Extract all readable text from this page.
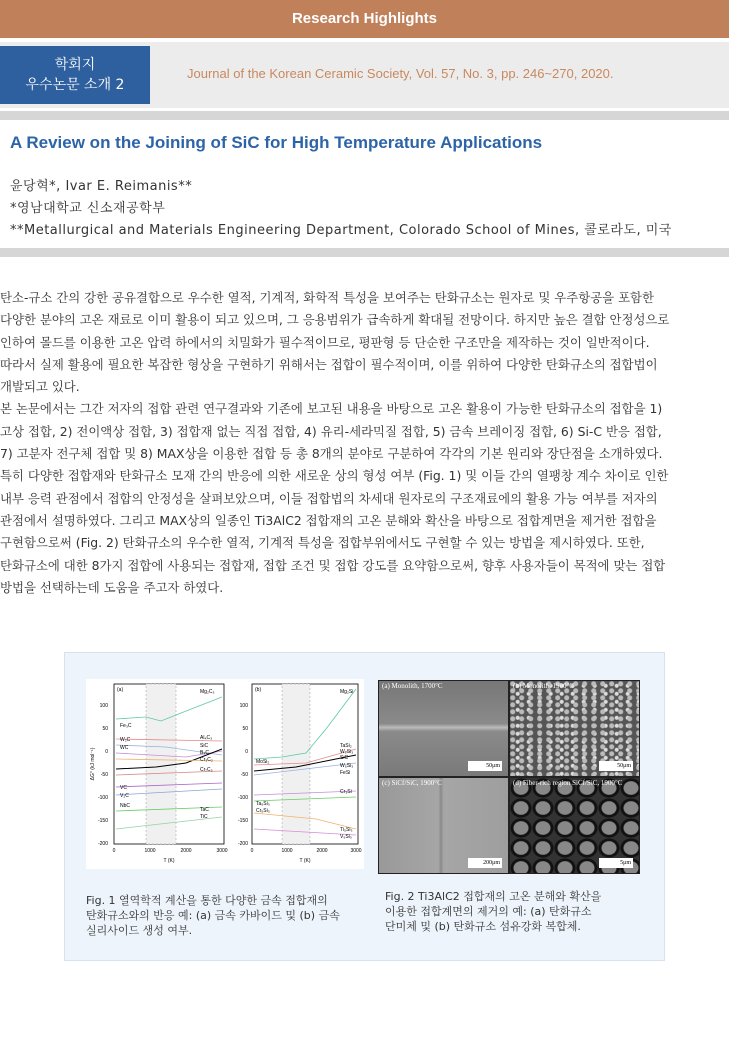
Research Highlights
학회지
우수논문 소개 2
Journal of the Korean Ceramic Society, Vol. 57, No. 3, pp. 246~270, 2020.
A Review on the Joining of SiC for High Temperature Applications
윤당혁*, Ivar E. Reimanis**
*영남대학교 신소재공학부
**Metallurgical and Materials Engineering Department, Colorado School of Mines, 콜로라도, 미국

탄소-규소 간의 강한 공유결합으로 우수한 열적, 기계적, 화학적 특성을 보여주는 탄화규소는 원자로 및 우주항공을 포함한

다양한 분야의 고온 재료로 이미 활용이 되고 있으며, 그 응용범위가 급속하게 확대될 전망이다. 하지만 높은 결합 안정성으로

인하여 몰드를 이용한 고온 압력 하에서의 치밀화가 필수적이므로, 평판형 등 단순한 구조만을 제작하는 것이 일반적이다.

따라서 실제 활용에 필요한 복잡한 형상을 구현하기 위해서는 접합이 필수적이며, 이를 위하여 다양한 탄화규소의 접합법이

개발되고 있다.

본 논문에서는 그간 저자의 접합 관련 연구결과와 기존에 보고된 내용을 바탕으로 고온 활용이 가능한 탄화규소의 접합을 1)

고상 접합, 2) 전이액상 접합, 3) 접합재 없는 직접 접합, 4) 유리-세라믹질 접합, 5) 금속 브레이징 접합, 6) Si-C 반응 접합,

7) 고분자 전구체 접합 및 8) MAX상을 이용한 접합 등 총 8개의 분야로 구분하여 각각의 기본 원리와 장단점을 소개하였다.

특히 다양한 접합재와 탄화규소 모재 간의 반응에 의한 새로운 상의 형성 여부 (Fig. 1) 및 이들 간의 열팽창 계수 차이로 인한

내부 응력 관점에서 접합의 안정성을 살펴보았으며, 이들 접합법의 차세대 원자로의 구조재료에의 활용 가능 여부를 저자의

관점에서 설명하였다. 그리고 MAX상의 일종인 Ti3AlC2 접합재의 고온 분해와 확산을 바탕으로 접합계면을 제거한 접합을

구현함으로써 (Fig. 2) 탄화규소의 우수한 열적, 기계적 특성을 접합부위에서도 구현할 수 있는 방법을 제시하였다. 또한,

탄화규소에 대한 8가지 접합에 사용되는 접합재, 접합 조건 및 접합 강도를 요약함으로써, 향후 사용자들이 목적에 맞는 접합

방법을 선택하는데 도움을 주고자 하였다.

(a)
100
50
0
-50
-100
-150
-200
0	1000	2000	3000
T (K)
ΔG° (kJ mol⁻¹)
Mg₂C₃
Fe₃C
W₂C
WC
Al₄C₃
SiC
B₄C
Cr₃C₂
Cr₇C₃
VC
V₂C
NbC
TaC
TiC
(b)
100
50
0
-50
-100
-150
-200
0	1000	2000	3000
T (K)
Mg₂Si
TaSi₂
W₅Si₃
SiC
MoSi₂
W₅Si₃
FeSi
Cr₃Si
Ta₅Si₃
Cr₅Si₃
Ti₅Si₃
V₅Si₃
(a) Monolith, 1700°C
50μm
(b) Monolith, 1900°C
50μm
(c) SiCf/SiC, 1900°C
200μm
(d) Fiber-rich region SiCf/SiC, 1900°C
5μm
Fig. 1 열역학적 계산을 통한 다양한 금속 접합재의
탄화규소와의 반응 예: (a) 금속 카바이드 및 (b) 금속
실리사이드 생성 여부.
Fig. 2 Ti3AlC2 접합재의 고온 분해와 확산을
이용한 접합계면의 제거의 예: (a) 탄화규소
단미체 및 (b) 탄화규소 섬유강화 복합체.
